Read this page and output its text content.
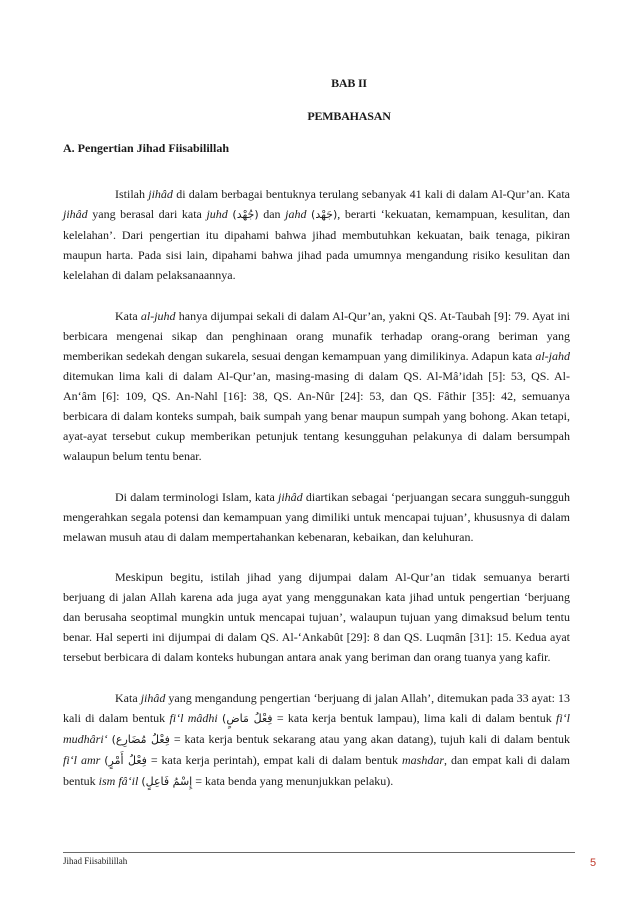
BAB II
PEMBAHASAN
A. Pengertian Jihad Fiisabilillah

Istilah jihâd di dalam berbagai bentuknya terulang sebanyak 41 kali di dalam Al-Qur’an. Kata jihâd yang berasal dari kata juhd (جُهْد) dan jahd (جَهْد), berarti ‘kekuatan, kemampuan, kesulitan, dan kelelahan’. Dari pengertian itu dipahami bahwa jihad membutuhkan kekuatan, baik tenaga, pikiran maupun harta. Pada sisi lain, dipahami bahwa jihad pada umumnya mengandung risiko kesulitan dan kelelahan di dalam pelaksanaannya.

Kata al-juhd hanya dijumpai sekali di dalam Al-Qur’an, yakni QS. At-Taubah [9]: 79. Ayat ini berbicara mengenai sikap dan penghinaan orang munafik terhadap orang-orang beriman yang memberikan sedekah dengan sukarela, sesuai dengan kemampuan yang dimilikinya. Adapun kata al-jahd ditemukan lima kali di dalam Al-Qur’an, masing-masing di dalam QS. Al-Mâ’idah [5]: 53, QS. Al-An‘âm [6]: 109, QS. An-Nahl [16]: 38, QS. An-Nûr [24]: 53, dan QS. Fâthir [35]: 42, semuanya berbicara di dalam konteks sumpah, baik sumpah yang benar maupun sumpah yang bohong. Akan tetapi, ayat-ayat tersebut cukup memberikan petunjuk tentang kesungguhan pelakunya di dalam bersumpah walaupun belum tentu benar.

Di dalam terminologi Islam, kata jihâd diartikan sebagai ‘perjuangan secara sungguh-sungguh mengerahkan segala potensi dan kemampuan yang dimiliki untuk mencapai tujuan’, khususnya di dalam melawan musuh atau di dalam mempertahankan kebenaran, kebaikan, dan keluhuran.

Meskipun begitu, istilah jihad yang dijumpai dalam Al-Qur’an tidak semuanya berarti berjuang di jalan Allah karena ada juga ayat yang menggunakan kata jihad untuk pengertian ‘berjuang dan berusaha seoptimal mungkin untuk mencapai tujuan’, walaupun tujuan yang dimaksud belum tentu benar. Hal seperti ini dijumpai di dalam QS. Al-‘Ankabût [29]: 8 dan QS. Luqmân [31]: 15. Kedua ayat tersebut berbicara di dalam konteks hubungan antara anak yang beriman dan orang tuanya yang kafir.

Kata jihâd yang mengandung pengertian ‘berjuang di jalan Allah’, ditemukan pada 33 ayat: 13 kali di dalam bentuk fi‘l mâdhi (فِعْلُ مَاضٍ = kata kerja bentuk lampau), lima kali di dalam bentuk fi‘l mudhâri‘ (فِعْلُ مُضَارِع = kata kerja bentuk sekarang atau yang akan datang), tujuh kali di dalam bentuk fi‘l amr (فِعْلُ أَمْرٍ = kata kerja perintah), empat kali di dalam bentuk mashdar, dan empat kali di dalam bentuk ism fâ‘il (إِسْمُ فَاعِلٍ = kata benda yang menunjukkan pelaku).

Jihad Fiisabilillah	5
